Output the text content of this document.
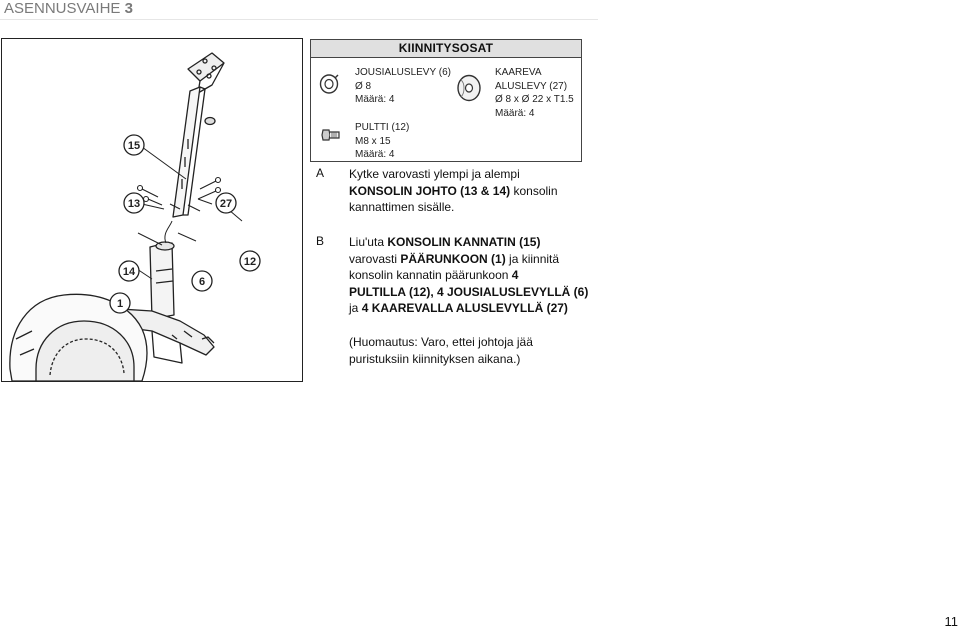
ASENNUSVAIHE 3
15
13	27
12
14
6
1
KIINNITYSOSAT
JOUSIALUSLEVY (6)
Ø 8
Määrä: 4
KAAREVA
ALUSLEVY (27)
Ø 8 x Ø 22 x T1.5
Määrä: 4
PULTTI (12)
M8 x 15
Määrä: 4
A Kytke varovasti ylempi ja alempi

KONSOLIN JOHTO (13 & 14) konsolin

kannattimen sisälle.

B Liu'uta KONSOLIN KANNATIN (15)

varovasti PÄÄRUNKOON (1) ja kiinnitä

konsolin kannatin päärunkoon 4

PULTILLA (12), 4 JOUSIALUSLEVYLLÄ (6)

ja 4 KAAREVALLA ALUSLEVYLLÄ (27)

(Huomautus: Varo, ettei johtoja jää

puristuksiin kiinnityksen aikana.)

11
